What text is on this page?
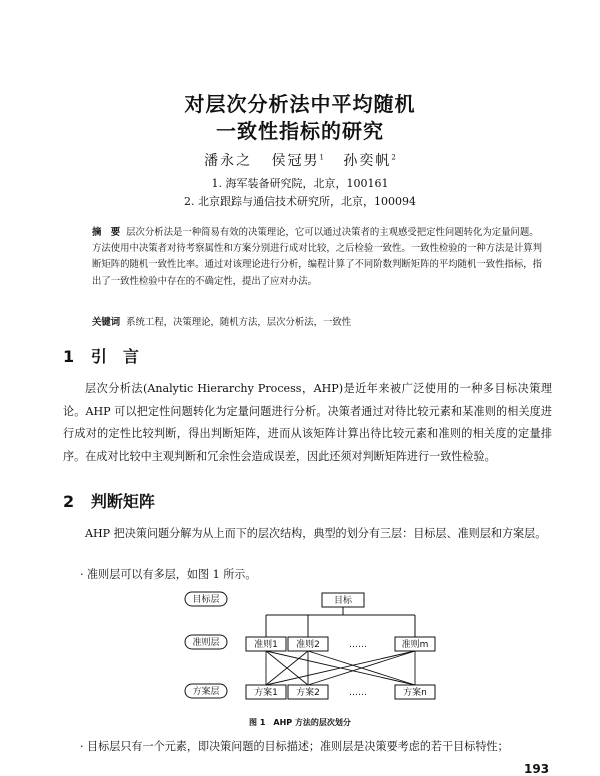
对层次分析法中平均随机
一致性指标的研究
潘永之 侯冠男$^1$ 孙奕帆$^2$
1. 海军装备研究院，北京，100161
2. 北京跟踪与通信技术研究所，北京，100094
摘　要 层次分析法是一种简易有效的决策理论，它可以通过决策者的主观感受把定性问题转化为定量问题。方法使用中决策者对待考察属性和方案分别进行成对比较，之后检验一致性。一致性检验的一种方法是计算判断矩阵的随机一致性比率。通过对该理论进行分析，编程计算了不同阶数判断矩阵的平均随机一致性指标，指出了一致性检验中存在的不确定性，提出了应对办法。
关键词 系统工程，决策理论，随机方法，层次分析法，一致性
1 引　言
层次分析法(Analytic Hierarchy Process，AHP)是近年来被广泛使用的一种多目标决策理论。AHP 可以把定性问题转化为定量问题进行分析。决策者通过对待比较元素和某准则的相关度进行成对的定性比较判断，得出判断矩阵，进而从该矩阵计算出待比较元素和准则的相关度的定量排序。在成对比较中主观判断和冗余性会造成误差，因此还须对判断矩阵进行一致性检验。
2 判断矩阵
AHP 把决策问题分解为从上而下的层次结构，典型的划分有三层：目标层、准则层和方案层。
· 准则层可以有多层，如图 1 所示。
目标层
准则层
方案层
目标
准则1 准则2	……	准则m
方案1 方案2	……	方案n
图 1　AHP 方法的层次划分
· 目标层只有一个元素，即决策问题的目标描述；准则层是决策要考虑的若干目标特性；
193
